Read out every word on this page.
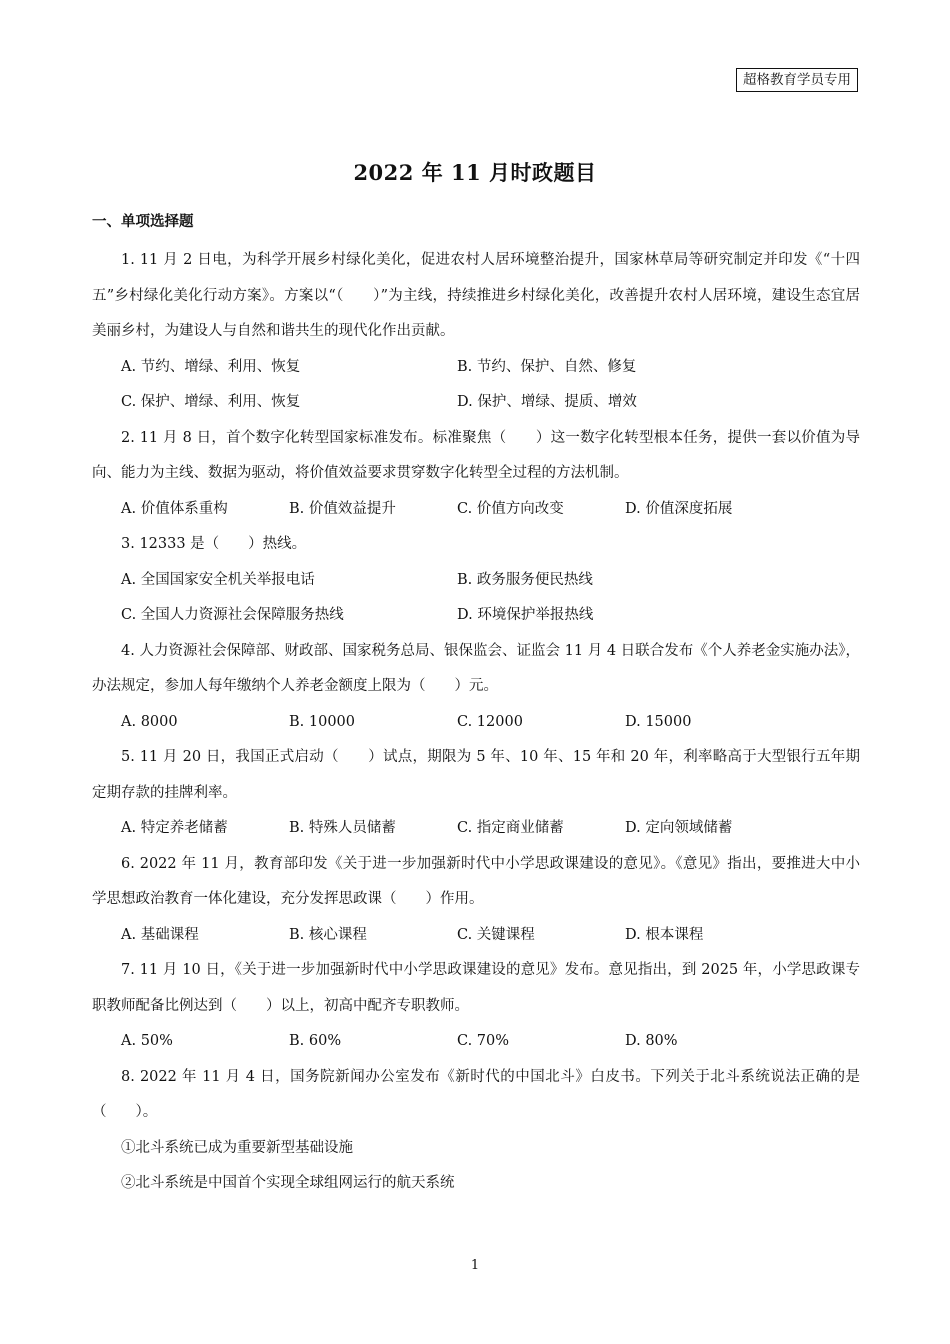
超格教育学员专用
2022 年 11 月时政题目
一、单项选择题
1. 11 月 2 日电，为科学开展乡村绿化美化，促进农村人居环境整治提升，国家林草局等研究制定并印发《“十四五”乡村绿化美化行动方案》。方案以“（　　）”为主线，持续推进乡村绿化美化，改善提升农村人居环境，建设生态宜居美丽乡村，为建设人与自然和谐共生的现代化作出贡献。
A. 节约、增绿、利用、恢复	B. 节约、保护、自然、修复
C. 保护、增绿、利用、恢复	D. 保护、增绿、提质、增效
2. 11 月 8 日，首个数字化转型国家标准发布。标准聚焦（　　）这一数字化转型根本任务，提供一套以价值为导向、能力为主线、数据为驱动，将价值效益要求贯穿数字化转型全过程的方法机制。
A. 价值体系重构	B. 价值效益提升	C. 价值方向改变	D. 价值深度拓展
3. 12333 是（　　）热线。
A. 全国国家安全机关举报电话	B. 政务服务便民热线
C. 全国人力资源社会保障服务热线	D. 环境保护举报热线
4. 人力资源社会保障部、财政部、国家税务总局、银保监会、证监会 11 月 4 日联合发布《个人养老金实施办法》，办法规定，参加人每年缴纳个人养老金额度上限为（　　）元。
A. 8000	B. 10000	C. 12000	D. 15000
5. 11 月 20 日，我国正式启动（　　）试点，期限为 5 年、10 年、15 年和 20 年，利率略高于大型银行五年期定期存款的挂牌利率。
A. 特定养老储蓄	B. 特殊人员储蓄	C. 指定商业储蓄	D. 定向领域储蓄
6. 2022 年 11 月，教育部印发《关于进一步加强新时代中小学思政课建设的意见》。《意见》指出，要推进大中小学思想政治教育一体化建设，充分发挥思政课（　　）作用。
A. 基础课程	B. 核心课程	C. 关键课程	D. 根本课程
7. 11 月 10 日，《关于进一步加强新时代中小学思政课建设的意见》发布。意见指出，到 2025 年，小学思政课专职教师配备比例达到（　　）以上，初高中配齐专职教师。
A. 50%	B. 60%	C. 70%	D. 80%
8. 2022 年 11 月 4 日，国务院新闻办公室发布《新时代的中国北斗》白皮书。下列关于北斗系统说法正确的是（　　）。
①北斗系统已成为重要新型基础设施
②北斗系统是中国首个实现全球组网运行的航天系统
1
